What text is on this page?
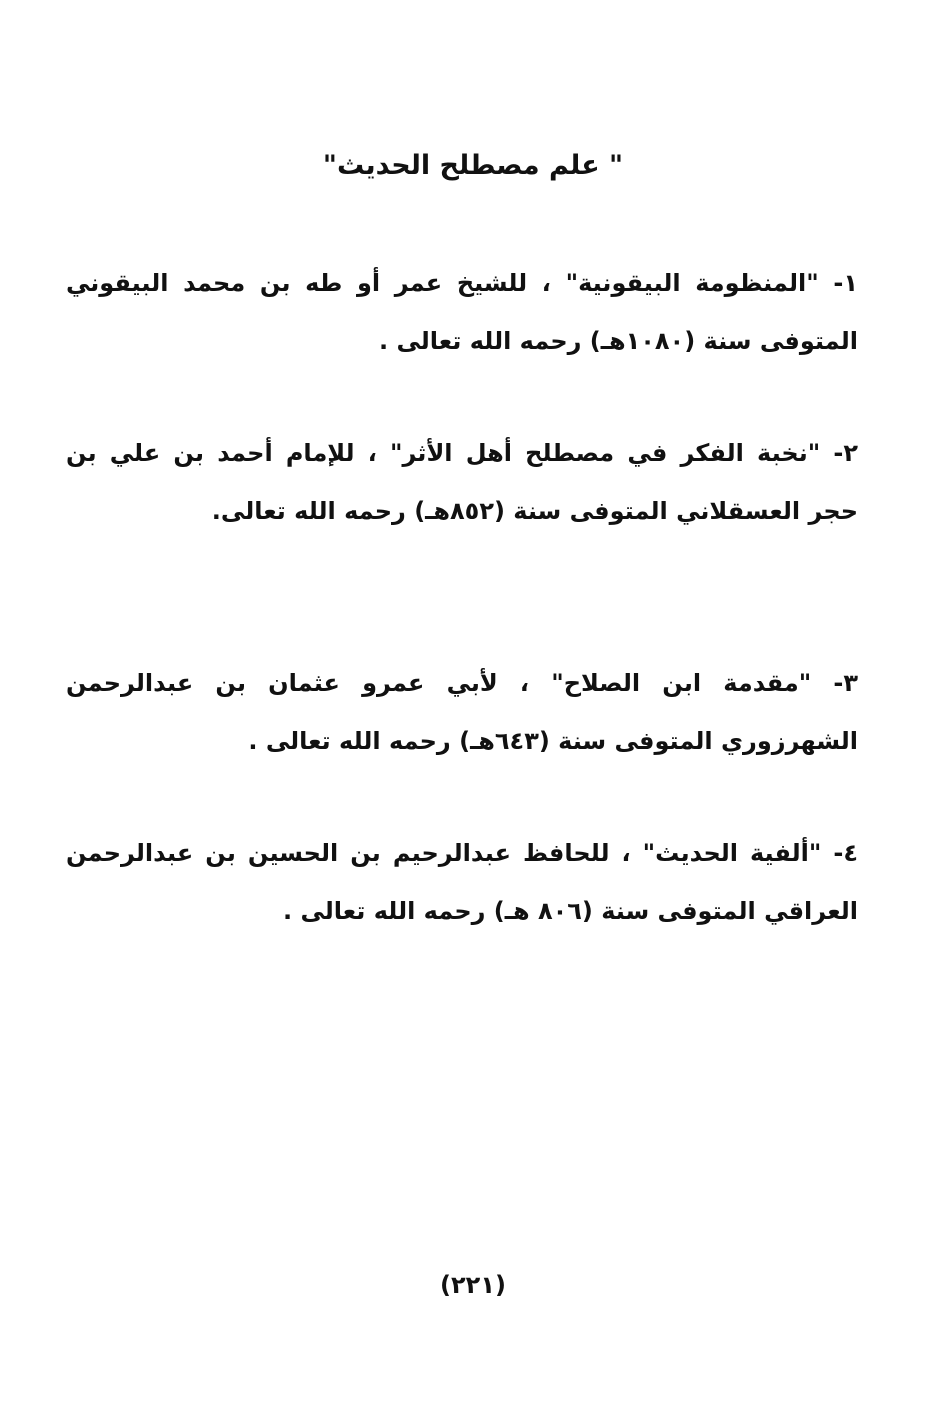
" علم مصطلح الحديث"

١- "المنظومة البيقونية" ، للشيخ عمر أو طه بن محمد البيقوني المتوفى سنة (١٠٨٠هـ) رحمه الله تعالى .

٢- "نخبة الفكر في مصطلح أهل الأثر" ، للإمام أحمد بن علي بن حجر العسقلاني المتوفى سنة (٨٥٢هـ) رحمه الله تعالى.

٣- "مقدمة ابن الصلاح" ، لأبي عمرو عثمان بن عبدالرحمن الشهرزوري المتوفى سنة (٦٤٣هـ) رحمه الله تعالى .

٤- "ألفية الحديث" ، للحافظ عبدالرحيم بن الحسين بن عبدالرحمن العراقي المتوفى سنة (٨٠٦ هـ) رحمه الله تعالى .

(٢٢١)
